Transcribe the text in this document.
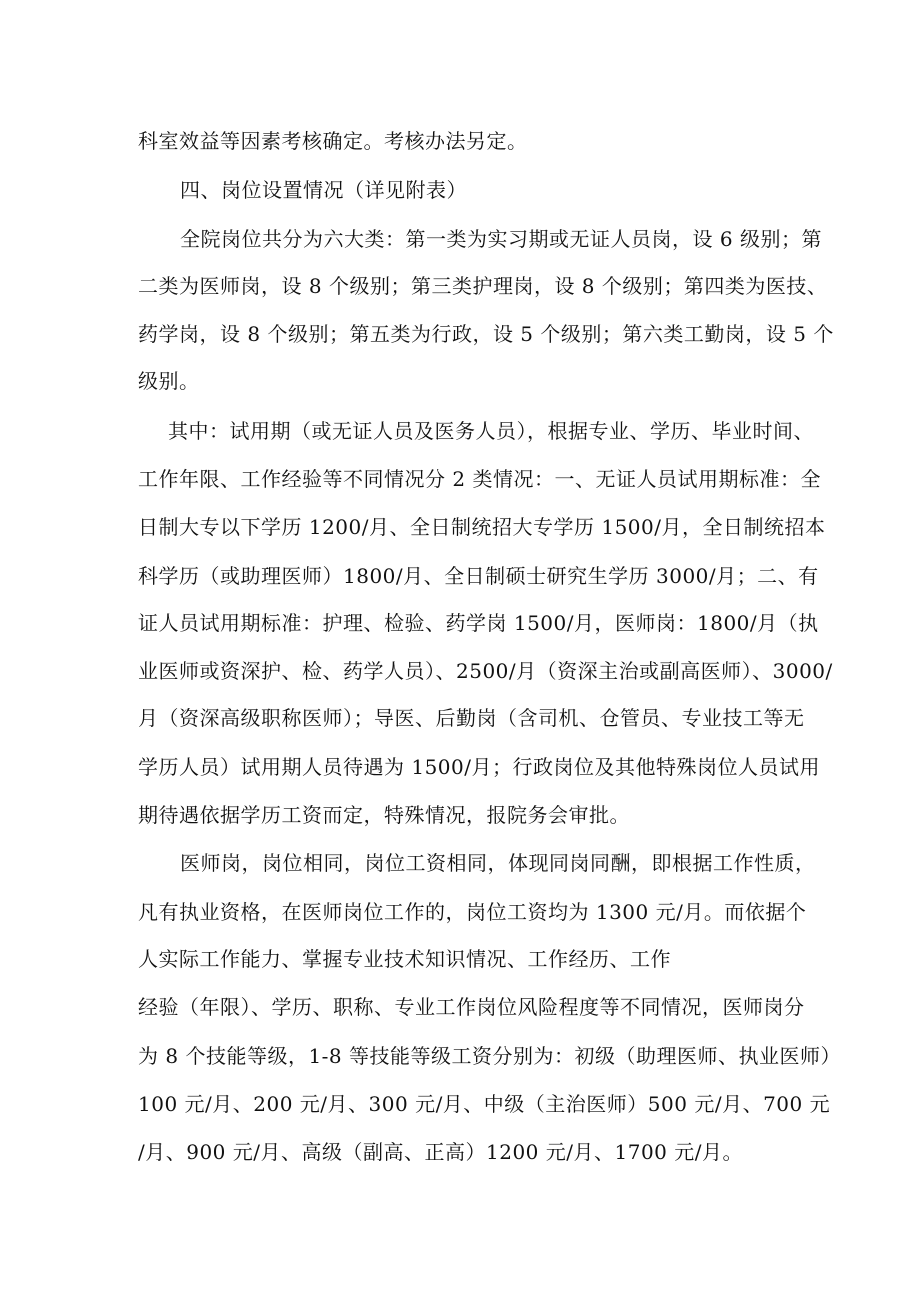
科室效益等因素考核确定。考核办法另定。
四、岗位设置情况（详见附表）
全院岗位共分为六大类：第一类为实习期或无证人员岗，设 6 级别；第
二类为医师岗，设 8 个级别；第三类护理岗，设 8 个级别；第四类为医技、
药学岗，设 8 个级别；第五类为行政，设 5 个级别；第六类工勤岗，设 5 个
级别。
其中：试用期（或无证人员及医务人员），根据专业、学历、毕业时间、
工作年限、工作经验等不同情况分 2 类情况：一、无证人员试用期标准：全
日制大专以下学历 1200/月、全日制统招大专学历 1500/月，全日制统招本
科学历（或助理医师）1800/月、全日制硕士研究生学历 3000/月；二、有
证人员试用期标准：护理、检验、药学岗 1500/月，医师岗：1800/月（执
业医师或资深护、检、药学人员）、2500/月（资深主治或副高医师）、3000/
月（资深高级职称医师）；导医、后勤岗（含司机、仓管员、专业技工等无
学历人员）试用期人员待遇为 1500/月；行政岗位及其他特殊岗位人员试用
期待遇依据学历工资而定，特殊情况，报院务会审批。
医师岗，岗位相同，岗位工资相同，体现同岗同酬，即根据工作性质，
凡有执业资格，在医师岗位工作的，岗位工资均为 1300 元/月。而依据个
人实际工作能力、掌握专业技术知识情况、工作经历、工作
经验（年限）、学历、职称、专业工作岗位风险程度等不同情况，医师岗分
为 8 个技能等级，1-8 等技能等级工资分别为：初级（助理医师、执业医师）
100 元/月、200 元/月、300 元/月、中级（主治医师）500 元/月、700 元
/月、900 元/月、高级（副高、正高）1200 元/月、1700 元/月。
